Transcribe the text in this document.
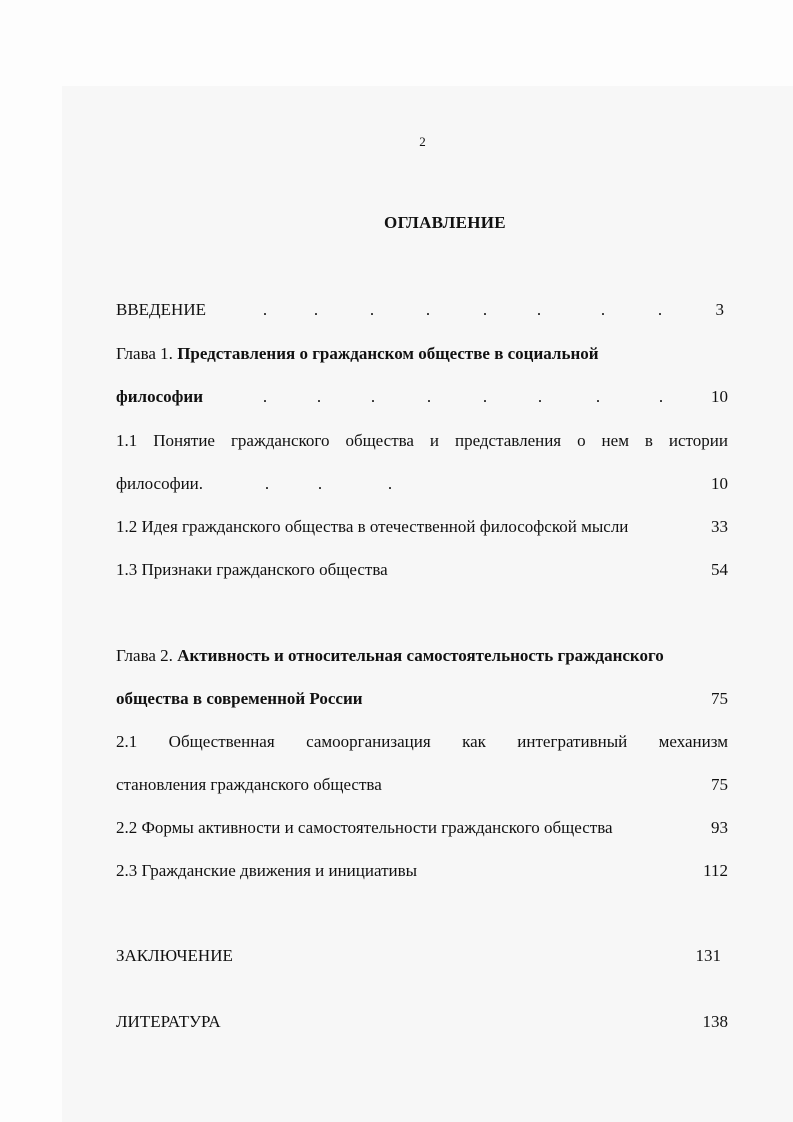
2
ОГЛАВЛЕНИЕ
ВВЕДЕНИЕ	.	.	.	.	.	.	.	.	3
Глава 1. Представления о гражданском обществе в социальной
философии	.	.	.	.	.	.	.	.	10
1.1 Понятие гражданского общества и представления о нем в истории
философии.	.	.	.	10
1.2 Идея гражданского общества в отечественной философской мысли	33
1.3 Признаки гражданского общества	54
Глава 2. Активность и относительная самостоятельность гражданского
общества в современной России	75
2.1 Общественная самоорганизация как интегративный механизм
становления гражданского общества	75
2.2 Формы активности и самостоятельности гражданского общества	93
2.3 Гражданские движения и инициативы	112
ЗАКЛЮЧЕНИЕ	131
ЛИТЕРАТУРА	138
